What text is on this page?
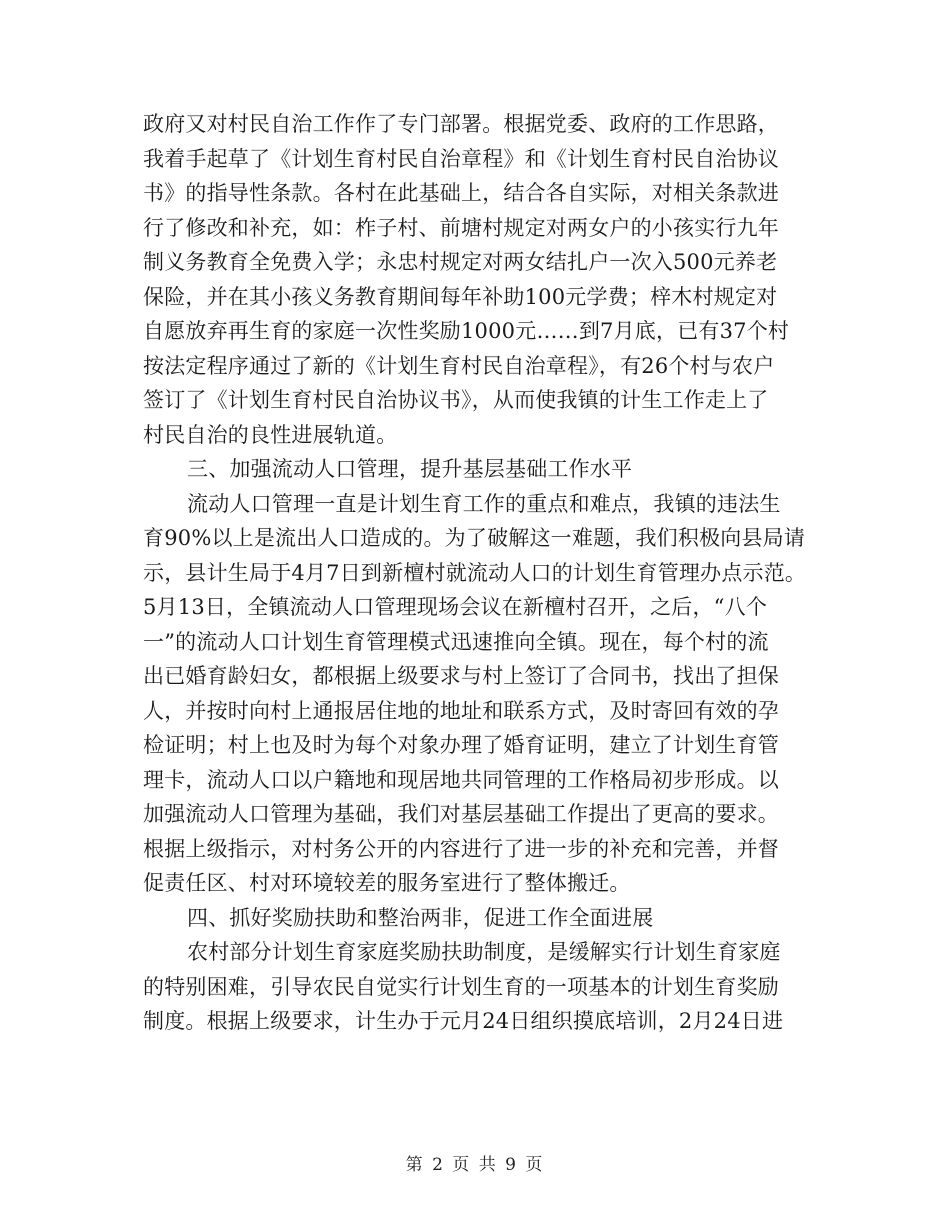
政府又对村民自治工作作了专门部署。根据党委、政府的工作思路，
我着手起草了《计划生育村民自治章程》和《计划生育村民自治协议
书》的指导性条款。各村在此基础上，结合各自实际，对相关条款进
行了修改和补充，如：柞子村、前塘村规定对两女户的小孩实行九年
制义务教育全免费入学；永忠村规定对两女结扎户一次入500元养老
保险，并在其小孩义务教育期间每年补助100元学费；梓木村规定对
自愿放弃再生育的家庭一次性奖励1000元……到7月底，已有37个村
按法定程序通过了新的《计划生育村民自治章程》，有26个村与农户
签订了《计划生育村民自治协议书》，从而使我镇的计生工作走上了
村民自治的良性进展轨道。
三、加强流动人口管理，提升基层基础工作水平
流动人口管理一直是计划生育工作的重点和难点，我镇的违法生
育90%以上是流出人口造成的。为了破解这一难题，我们积极向县局请
示，县计生局于4月7日到新檀村就流动人口的计划生育管理办点示范。
5月13日，全镇流动人口管理现场会议在新檀村召开，之后，“八个
一”的流动人口计划生育管理模式迅速推向全镇。现在，每个村的流
出已婚育龄妇女，都根据上级要求与村上签订了合同书，找出了担保
人，并按时向村上通报居住地的地址和联系方式，及时寄回有效的孕
检证明；村上也及时为每个对象办理了婚育证明，建立了计划生育管
理卡，流动人口以户籍地和现居地共同管理的工作格局初步形成。以
加强流动人口管理为基础，我们对基层基础工作提出了更高的要求。
根据上级指示，对村务公开的内容进行了进一步的补充和完善，并督
促责任区、村对环境较差的服务室进行了整体搬迁。
四、抓好奖励扶助和整治两非，促进工作全面进展
农村部分计划生育家庭奖励扶助制度，是缓解实行计划生育家庭
的特别困难，引导农民自觉实行计划生育的一项基本的计划生育奖励
制度。根据上级要求，计生办于元月24日组织摸底培训，2月24日进
第 2 页 共 9 页
